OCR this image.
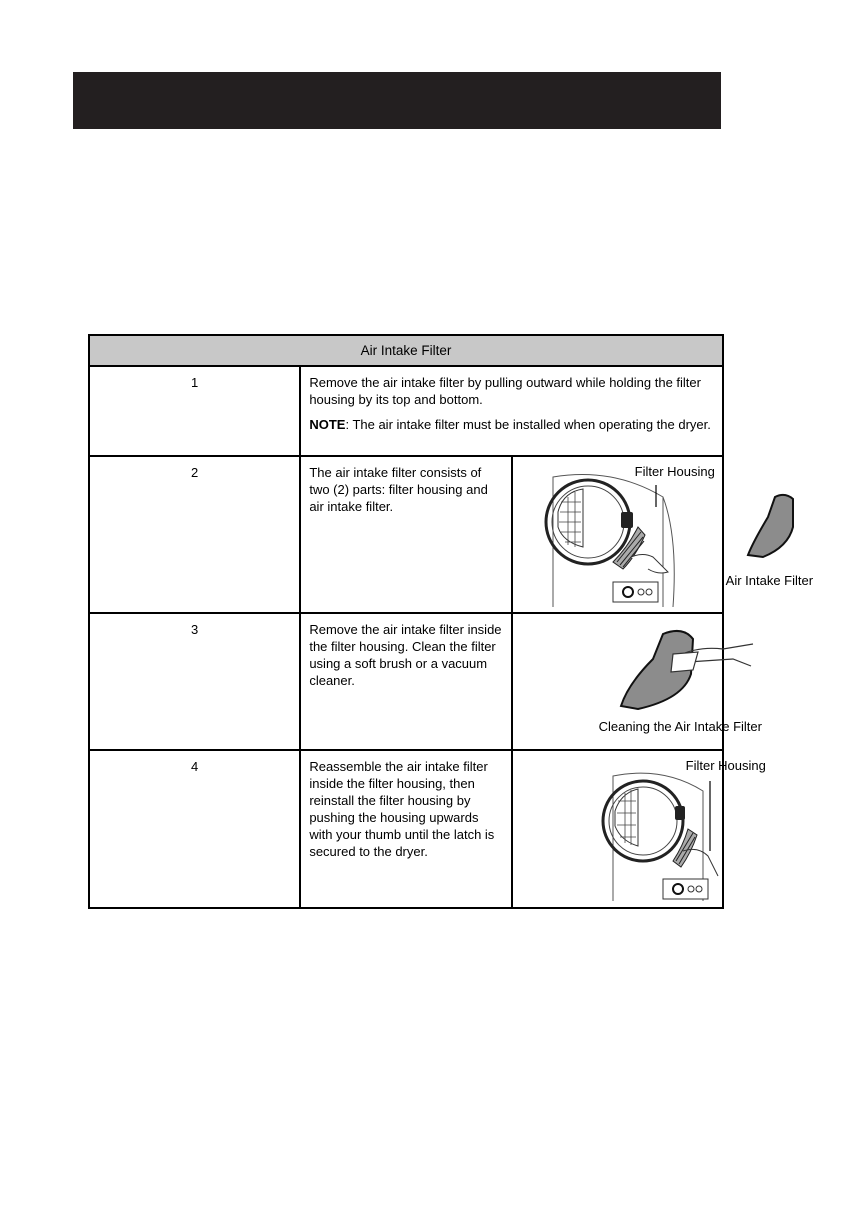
Air Intake Filter		
1	Remove the air intake filter by pulling outward while holding the filter housing by its top and bottom.
NOTE: The air intake filter must be installed when operating the dryer.	

2	The air intake filter consists of two (2) parts: filter housing and air intake filter.	Filter Housing
Air Intake Filter

3	Remove the air intake filter inside the filter housing. Clean the filter using a soft brush or a vacuum cleaner.	Cleaning the Air Intake Filter

4	Reassemble the air intake filter inside the filter housing, then reinstall the filter housing by pushing the housing upwards with your thumb until the latch is secured to the dryer.	Filter Housing
